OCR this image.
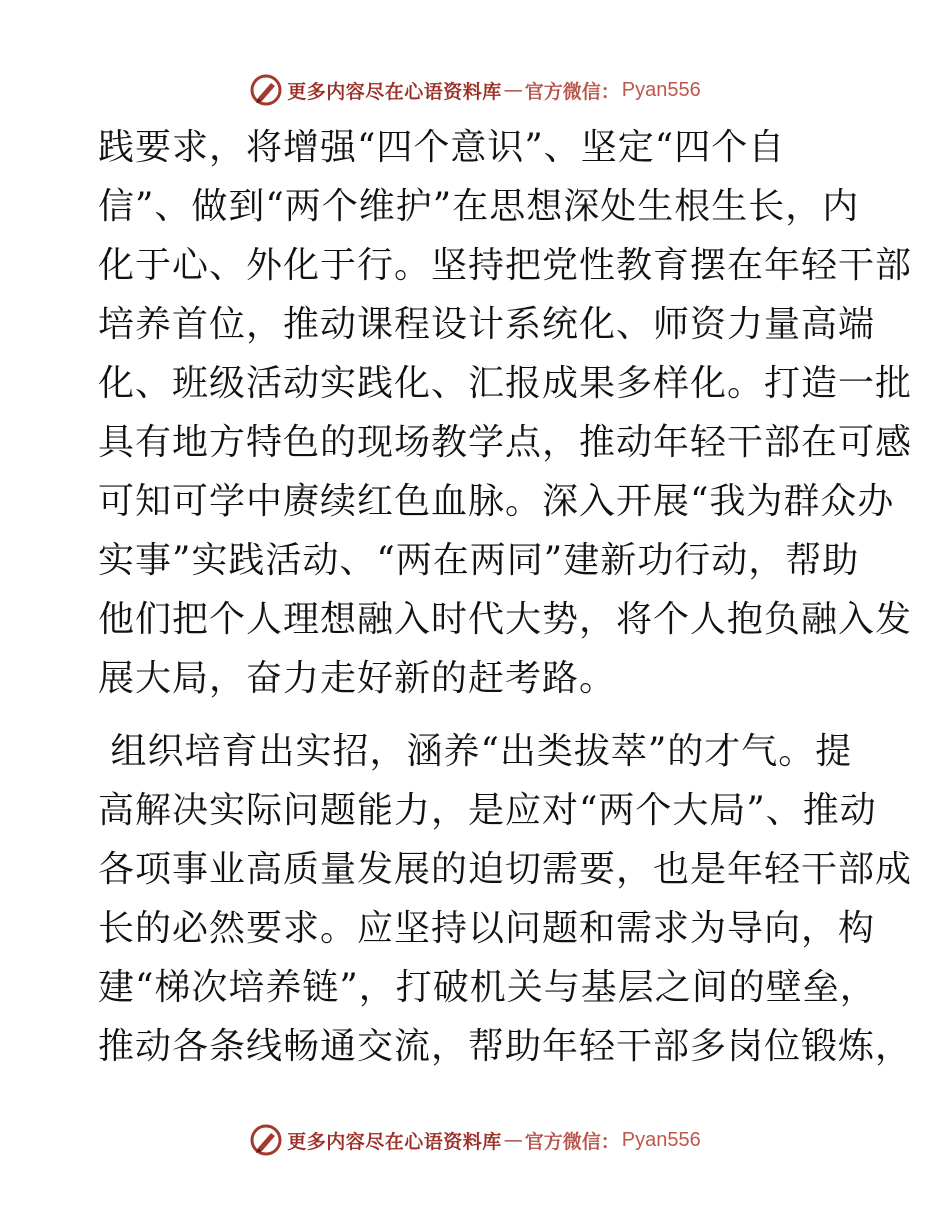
更多内容尽在心语资料库 — 官方微信： Pyan556
践要求，将增强“四个意识”、坚定“四个自
信”、做到“两个维护”在思想深处生根生长，内
化于心、外化于行。坚持把党性教育摆在年轻干部
培养首位，推动课程设计系统化、师资力量高端
化、班级活动实践化、汇报成果多样化。打造一批
具有地方特色的现场教学点，推动年轻干部在可感
可知可学中赓续红色血脉。深入开展“我为群众办
实事”实践活动、“两在两同”建新功行动，帮助
他们把个人理想融入时代大势，将个人抱负融入发
展大局，奋力走好新的赶考路。
组织培育出实招，涵养“出类拔萃”的才气。提
高解决实际问题能力，是应对“两个大局”、推动
各项事业高质量发展的迫切需要，也是年轻干部成
长的必然要求。应坚持以问题和需求为导向，构
建“梯次培养链”，打破机关与基层之间的壁垒，
推动各条线畅通交流，帮助年轻干部多岗位锻炼，
更多内容尽在心语资料库 — 官方微信： Pyan556
